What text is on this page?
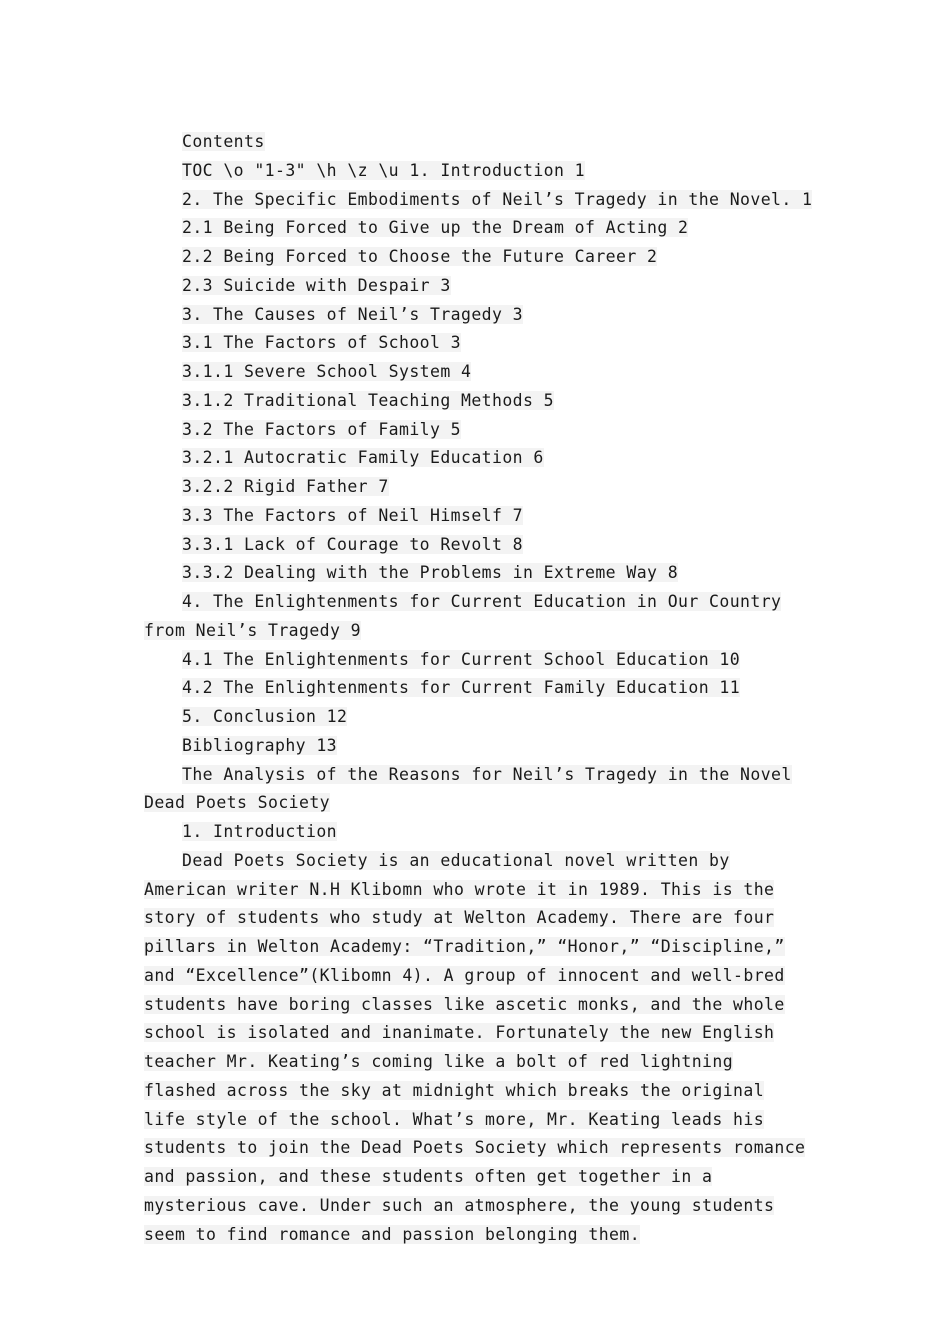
Contents

TOC \o "1-3" \h \z \u 1. Introduction 1

2. The Specific Embodiments of Neil’s Tragedy in the Novel. 1

2.1 Being Forced to Give up the Dream of Acting 2

2.2 Being Forced to Choose the Future Career 2

2.3 Suicide with Despair 3

3. The Causes of Neil’s Tragedy 3

3.1 The Factors of School 3

3.1.1 Severe School System 4

3.1.2 Traditional Teaching Methods 5

3.2 The Factors of Family 5

3.2.1 Autocratic Family Education 6

3.2.2 Rigid Father 7

3.3 The Factors of Neil Himself 7

3.3.1 Lack of Courage to Revolt 8

3.3.2 Dealing with the Problems in Extreme Way 8

4. The Enlightenments for Current Education in Our Country from Neil’s Tragedy 9

4.1 The Enlightenments for Current School Education 10

4.2 The Enlightenments for Current Family Education 11

5. Conclusion 12

Bibliography 13

The Analysis of the Reasons for Neil’s Tragedy in the Novel Dead Poets Society

1. Introduction

Dead Poets Society is an educational novel written by American writer N.H Klibomn who wrote it in 1989. This is the story of students who study at Welton Academy. There are four pillars in Welton Academy: “Tradition,” “Honor,” “Discipline,” and “Excellence”(Klibomn 4). A group of innocent and well-bred students have boring classes like ascetic monks, and the whole school is isolated and inanimate. Fortunately the new English teacher Mr. Keating’s coming like a bolt of red lightning flashed across the sky at midnight which breaks the original life style of the school. What’s more, Mr. Keating leads his students to join the Dead Poets Society which represents romance and passion, and these students often get together in a mysterious cave. Under such an atmosphere, the young students seem to find romance and passion belonging them.
